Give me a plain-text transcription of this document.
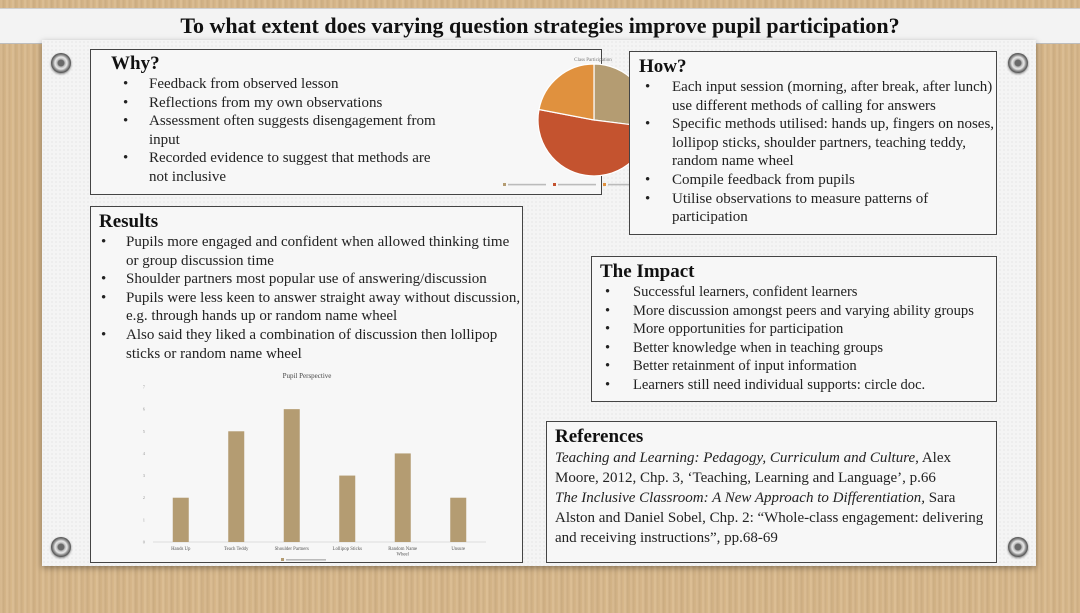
To what extent does varying question strategies improve pupil participation?
Why?
• Feedback from observed lesson
• Reflections from my own observations
• Assessment often suggests disengagement from input
• Recorded evidence to suggest that methods are not inclusive
Class Participation How?
• Each input session (morning, after break, after lunch) use different methods of calling for answers
• Specific methods utilised: hands up, fingers on noses, lollipop sticks, shoulder partners, teaching teddy, random name wheel
• Compile feedback from pupils
• Utilise observations to measure patterns of participation
Results
• Pupils more engaged and confident when allowed thinking time or group discussion time
• Shoulder partners most popular use of answering/discussion
• Pupils were less keen to answer straight away without discussion, e.g. through hands up or random name wheel
• Also said they liked a combination of discussion then lollipop sticks or random name wheel
Pupil Perspective
0
1
2
3
4
5
6
7
Hands Up	Teach Teddy	Shoulder Partners	Lollipop Sticks	Random Name Wheel
Unsure
The Impact
• Successful learners, confident learners
• More discussion amongst peers and varying ability groups
• More opportunities for participation
• Better knowledge when in teaching groups
• Better retainment of input information
• Learners still need individual supports: circle doc.
References

Teaching and Learning: Pedagogy, Curriculum and Culture, Alex Moore, 2012, Chp. 3, ‘Teaching, Learning and Language’, p.66

The Inclusive Classroom: A New Approach to Differentiation, Sara Alston and Daniel Sobel, Chp. 2: “Whole-class engagement: delivering and receiving instructions”, pp.68-69
